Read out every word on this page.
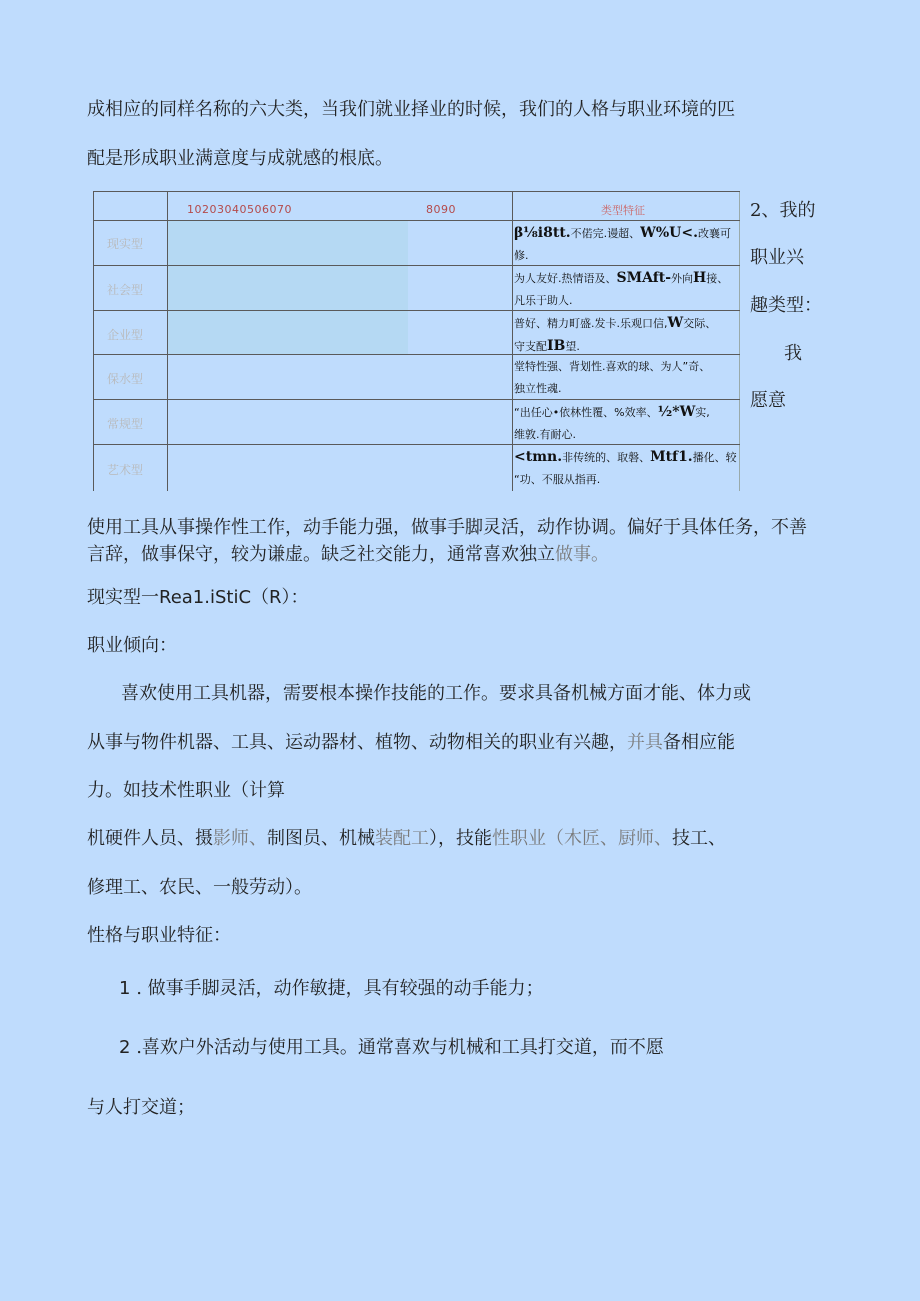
成相应的同样名称的六大类，当我们就业择业的时候，我们的人格与职业环境的匹

配是形成职业满意度与成就感的根底。

10203040506070	8090	类型特征
现实型
社会型
企业型
保水型
常规型
艺术型
β⅛i8tt.不偌完.谩超、W%U<.改襄可
修.
为人友好.热情语及、SMAft-外向H接、
凡乐于助人.
普好、精力町盛.发卡.乐观口信,W交际、
守支配IB望.
堂特性强、背划性.喜欢的球、为人”奇、
独立性魂.
“出任心•依林性覆、%效率、½*W实,
维敦.有耐心.
<tmn.非传统的、取磐、Mtf1.播化、较
“功、不服从指再.
2、我的
职业兴
趣类型：
我
愿意

使用工具从事操作性工作，动手能力强，做事手脚灵活，动作协调。偏好于具体任务，不善言辞，做事保守，较为谦虚。缺乏社交能力，通常喜欢独立做事。

现实型一Rea1.iStiC（R）：

职业倾向：

喜欢使用工具机器，需要根本操作技能的工作。要求具备机械方面才能、体力或

从事与物件机器、工具、运动器材、植物、动物相关的职业有兴趣，并具备相应能

力。如技术性职业（计算

机硬件人员、摄影师、制图员、机械装配工），技能性职业（木匠、厨师、技工、

修理工、农民、一般劳动）。

性格与职业特征：

1 . 做事手脚灵活，动作敏捷，具有较强的动手能力；

2 .喜欢户外活动与使用工具。通常喜欢与机械和工具打交道，而不愿

与人打交道；
